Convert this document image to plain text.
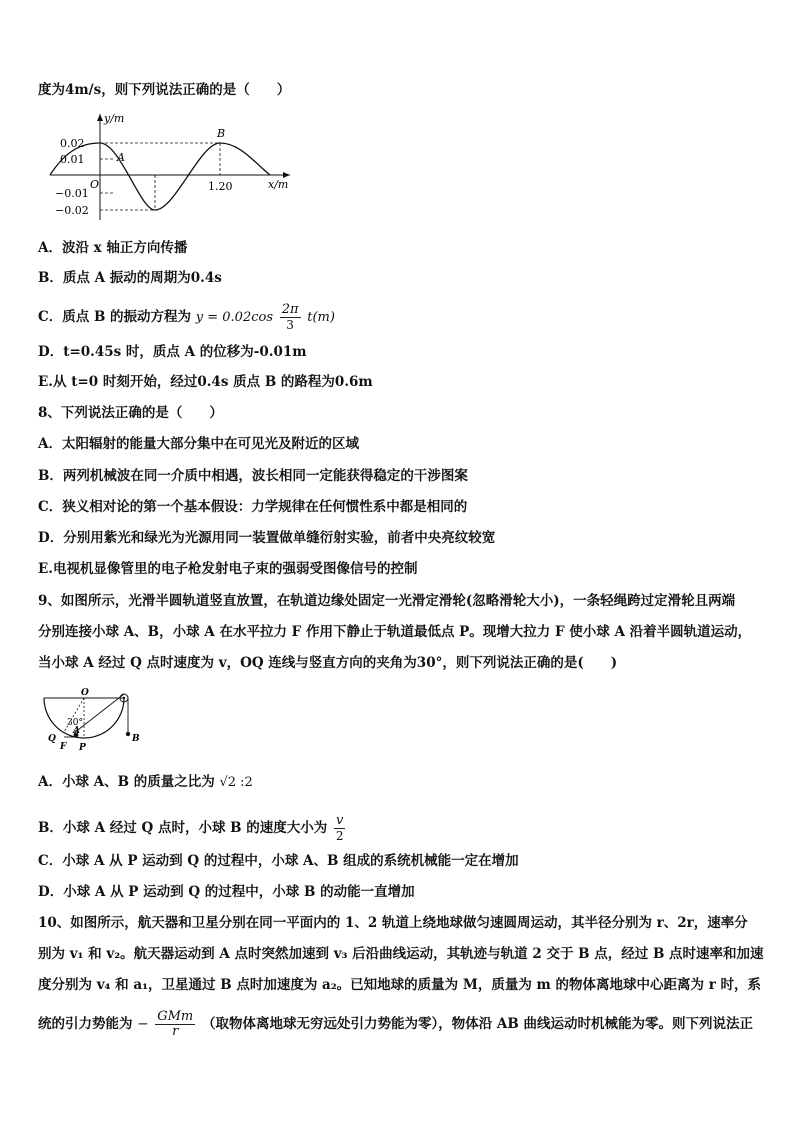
度为4m/s，则下列说法正确的是（　　）
y/m
x/m
O
0.02
0.01
−0.01
−0.02
1.20
A
B
A．波沿 x 轴正方向传播
B．质点 A 振动的周期为0.4s
C．质点 B 的振动方程为 $y = 0.02\cos \frac{2\pi}{3} t(m)$
D．t=0.45s 时，质点 A 的位移为-0.01m
E.从 t=0 时刻开始，经过0.4s 质点 B 的路程为0.6m
8、下列说法正确的是（　　）
A．太阳辐射的能量大部分集中在可见光及附近的区域
B．两列机械波在同一介质中相遇，波长相同一定能获得稳定的干涉图案
C．狭义相对论的第一个基本假设：力学规律在任何惯性系中都是相同的
D．分别用紫光和绿光为光源用同一装置做单缝衍射实验，前者中央亮纹较宽
E.电视机显像管里的电子枪发射电子束的强弱受图像信号的控制
9、如图所示，光滑半圆轨道竖直放置，在轨道边缘处固定一光滑定滑轮(忽略滑轮大小)，一条轻绳跨过定滑轮且两端
分别连接小球 A、B，小球 A 在水平拉力 F 作用下静止于轨道最低点 P。现增大拉力 F 使小球 A 沿着半圆轨道运动，
当小球 A 经过 Q 点时速度为 v，OQ 连线与竖直方向的夹角为30°，则下列说法正确的是(　　)
O
30°
Q
A
F P
B
A．小球 A、B 的质量之比为 √2 :2
B．小球 A 经过 Q 点时，小球 B 的速度大小为 $\frac{v}{2}$
C．小球 A 从 P 运动到 Q 的过程中，小球 A、B 组成的系统机械能一定在增加
D．小球 A 从 P 运动到 Q 的过程中，小球 B 的动能一直增加
10、如图所示，航天器和卫星分别在同一平面内的 1、2 轨道上绕地球做匀速圆周运动，其半径分别为 r、2r，速率分
别为 v₁ 和 v₂。航天器运动到 A 点时突然加速到 v₃ 后沿曲线运动，其轨迹与轨道 2 交于 B 点，经过 B 点时速率和加速
度分别为 v₄ 和 a₁，卫星通过 B 点时加速度为 a₂。已知地球的质量为 M，质量为 m 的物体离地球中心距离为 r 时，系
统的引力势能为 − $\frac{\text{GMm}}{r}$ （取物体离地球无穷远处引力势能为零），物体沿 AB 曲线运动时机械能为零。则下列说法正
